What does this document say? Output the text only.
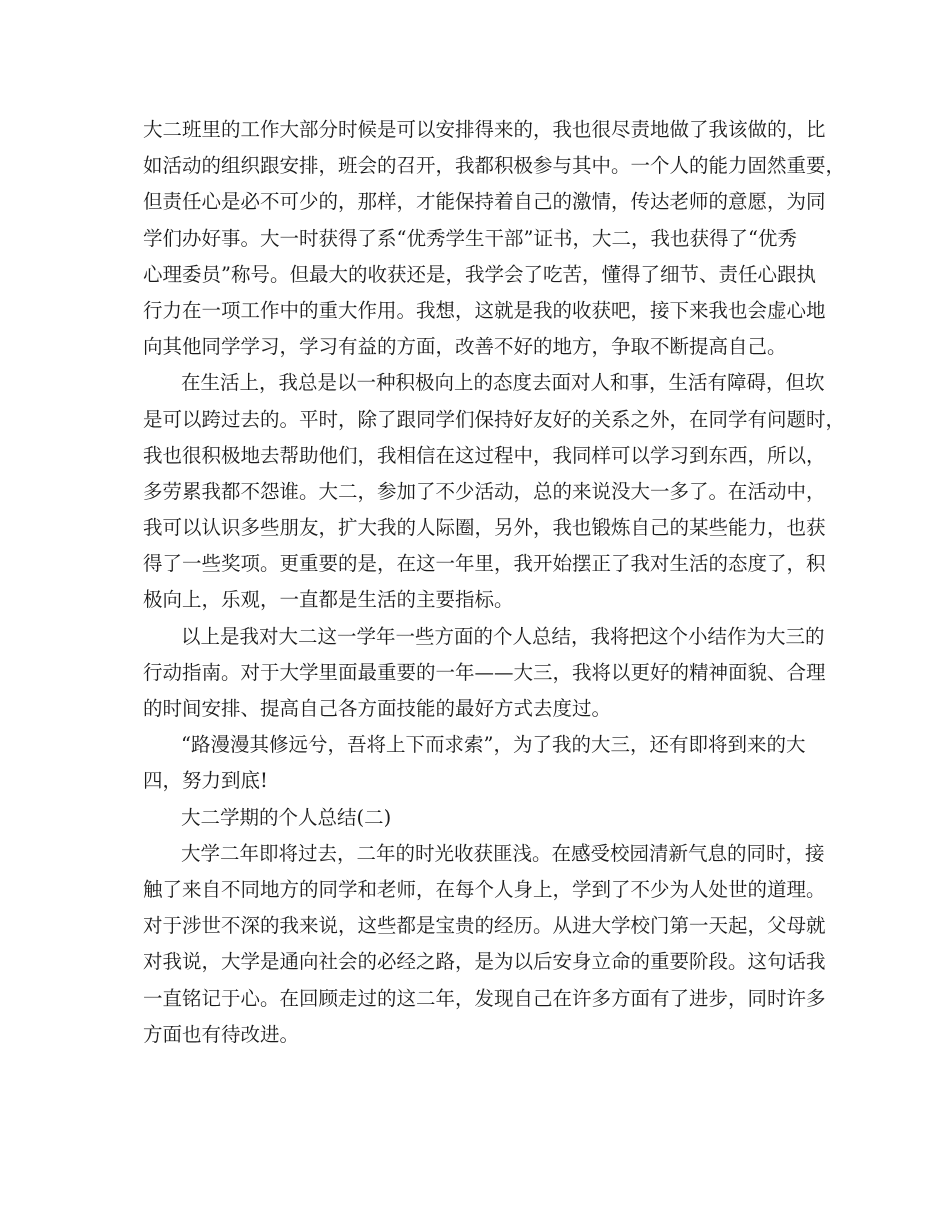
大二班里的工作大部分时候是可以安排得来的，我也很尽责地做了我该做的，比
如活动的组织跟安排，班会的召开，我都积极参与其中。一个人的能力固然重要，
但责任心是必不可少的，那样，才能保持着自己的激情，传达老师的意愿，为同
学们办好事。大一时获得了系“优秀学生干部”证书，大二，我也获得了“优秀
心理委员”称号。但最大的收获还是，我学会了吃苦，懂得了细节、责任心跟执
行力在一项工作中的重大作用。我想，这就是我的收获吧，接下来我也会虚心地
向其他同学学习，学习有益的方面，改善不好的地方，争取不断提高自己。
在生活上，我总是以一种积极向上的态度去面对人和事，生活有障碍，但坎
是可以跨过去的。平时，除了跟同学们保持好友好的关系之外，在同学有问题时，
我也很积极地去帮助他们，我相信在这过程中，我同样可以学习到东西，所以，
多劳累我都不怨谁。大二，参加了不少活动，总的来说没大一多了。在活动中，
我可以认识多些朋友，扩大我的人际圈，另外，我也锻炼自己的某些能力，也获
得了一些奖项。更重要的是，在这一年里，我开始摆正了我对生活的态度了，积
极向上，乐观，一直都是生活的主要指标。
以上是我对大二这一学年一些方面的个人总结，我将把这个小结作为大三的
行动指南。对于大学里面最重要的一年——大三，我将以更好的精神面貌、合理
的时间安排、提高自己各方面技能的最好方式去度过。
“路漫漫其修远兮，吾将上下而求索”，为了我的大三，还有即将到来的大
四，努力到底!
大二学期的个人总结(二)
大学二年即将过去，二年的时光收获匪浅。在感受校园清新气息的同时，接
触了来自不同地方的同学和老师，在每个人身上，学到了不少为人处世的道理。
对于涉世不深的我来说，这些都是宝贵的经历。从进大学校门第一天起，父母就
对我说，大学是通向社会的必经之路，是为以后安身立命的重要阶段。这句话我
一直铭记于心。在回顾走过的这二年，发现自己在许多方面有了进步，同时许多
方面也有待改进。
